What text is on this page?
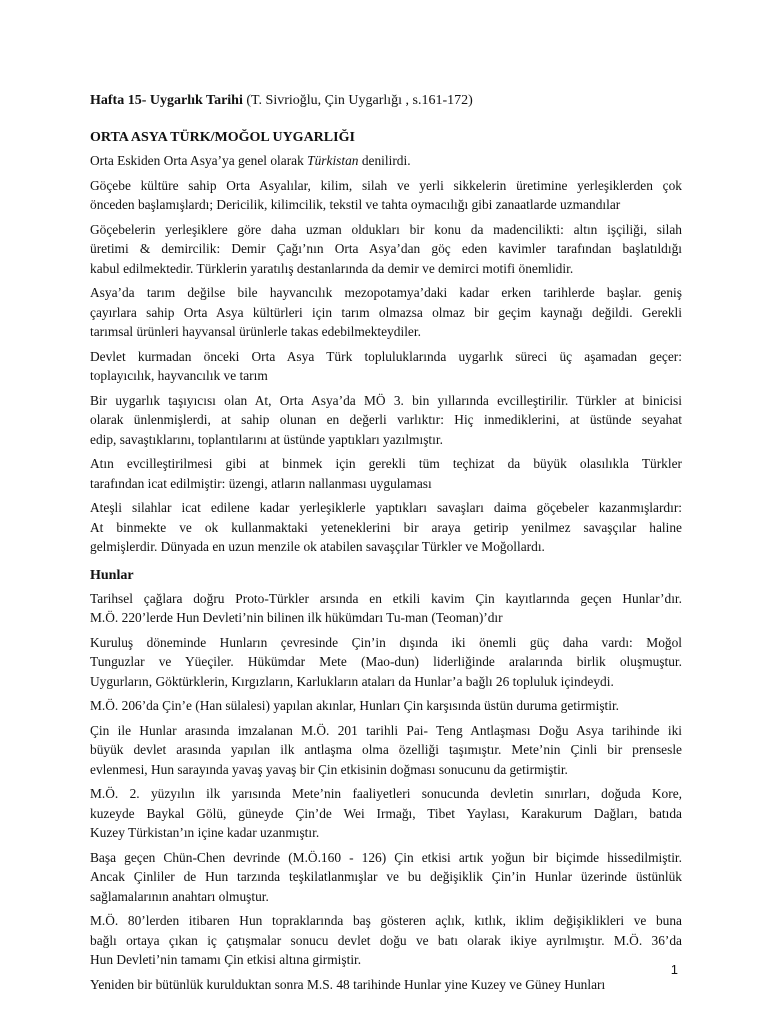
Hafta 15- Uygarlık Tarihi (T. Sivrioğlu, Çin Uygarlığı , s.161-172)
ORTA ASYA TÜRK/MOĞOL UYGARLIĞI
Orta Eskiden Orta Asya’ya genel olarak Türkistan denilirdi.
Göçebe kültüre sahip Orta Asyalılar, kilim, silah ve yerli sikkelerin üretimine yerleşiklerden çok
önceden başlamışlardı; Dericilik, kilimcilik, tekstil ve tahta oymacılığı gibi zanaatlarde uzmandılar
Göçebelerin yerleşiklere göre daha uzman oldukları bir konu da madencilikti: altın işçiliği, silah
üretimi & demircilik: Demir Çağı’nın Orta Asya’dan göç eden kavimler tarafından başlatıldığı
kabul edilmektedir. Türklerin yaratılış destanlarında da demir ve demirci motifi önemlidir.
Asya’da tarım değilse bile hayvancılık mezopotamya’daki kadar erken tarihlerde başlar. geniş
çayırlara sahip Orta Asya kültürleri için tarım olmazsa olmaz bir geçim kaynağı değildi. Gerekli
tarımsal ürünleri hayvansal ürünlerle takas edebilmekteydiler.
Devlet kurmadan önceki Orta Asya Türk topluluklarında uygarlık süreci üç aşamadan geçer:
toplayıcılık, hayvancılık ve tarım
Bir uygarlık taşıyıcısı olan At, Orta Asya’da MÖ 3. bin yıllarında evcilleştirilir. Türkler at binicisi
olarak ünlenmişlerdi, at sahip olunan en değerli varlıktır: Hiç inmediklerini, at üstünde seyahat
edip, savaştıklarını, toplantılarını at üstünde yaptıkları yazılmıştır.
Atın evcilleştirilmesi gibi at binmek için gerekli tüm teçhizat da büyük olasılıkla Türkler
tarafından icat edilmiştir: üzengi, atların nallanması uygulaması
Ateşli silahlar icat edilene kadar yerleşiklerle yaptıkları savaşları daima göçebeler kazanmışlardır:
At binmekte ve ok kullanmaktaki yeteneklerini bir araya getirip yenilmez savaşçılar haline
gelmişlerdir. Dünyada en uzun menzile ok atabilen savaşçılar Türkler ve Moğollardı.
Hunlar
Tarihsel çağlara doğru Proto-Türkler arsında en etkili kavim Çin kayıtlarında geçen Hunlar’dır.
M.Ö. 220’lerde Hun Devleti’nin bilinen ilk hükümdarı Tu-man (Teoman)’dır
Kuruluş döneminde Hunların çevresinde Çin’in dışında iki önemli güç daha vardı: Moğol
Tunguzlar ve Yüeçiler. Hükümdar Mete (Mao-dun) liderliğinde aralarında birlik oluşmuştur.
Uygurların, Göktürklerin, Kırgızların, Karlukların ataları da Hunlar’a bağlı 26 topluluk içindeydi.
M.Ö. 206’da Çin’e (Han sülalesi) yapılan akınlar, Hunları Çin karşısında üstün duruma getirmiştir.
Çin ile Hunlar arasında imzalanan M.Ö. 201 tarihli Pai- Teng Antlaşması Doğu Asya tarihinde iki
büyük devlet arasında yapılan ilk antlaşma olma özelliği taşımıştır. Mete’nin Çinli bir prensesle
evlenmesi, Hun sarayında yavaş yavaş bir Çin etkisinin doğması sonucunu da getirmiştir.
M.Ö. 2. yüzyılın ilk yarısında Mete’nin faaliyetleri sonucunda devletin sınırları, doğuda Kore,
kuzeyde Baykal Gölü, güneyde Çin’de Wei Irmağı, Tibet Yaylası, Karakurum Dağları, batıda
Kuzey Türkistan’ın içine kadar uzanmıştır.
Başa geçen Chün-Chen devrinde (M.Ö.160 - 126) Çin etkisi artık yoğun bir biçimde hissedilmiştir.
Ancak Çinliler de Hun tarzında teşkilatlanmışlar ve bu değişiklik Çin’in Hunlar üzerinde üstünlük
sağlamalarının anahtarı olmuştur.
M.Ö. 80’lerden itibaren Hun topraklarında baş gösteren açlık, kıtlık, iklim değişiklikleri ve buna
bağlı ortaya çıkan iç çatışmalar sonucu devlet doğu ve batı olarak ikiye ayrılmıştır. M.Ö. 36’da
Hun Devleti’nin tamamı Çin etkisi altına girmiştir.
Yeniden bir bütünlük kurulduktan sonra M.S. 48 tarihinde Hunlar yine Kuzey ve Güney Hunları
1
